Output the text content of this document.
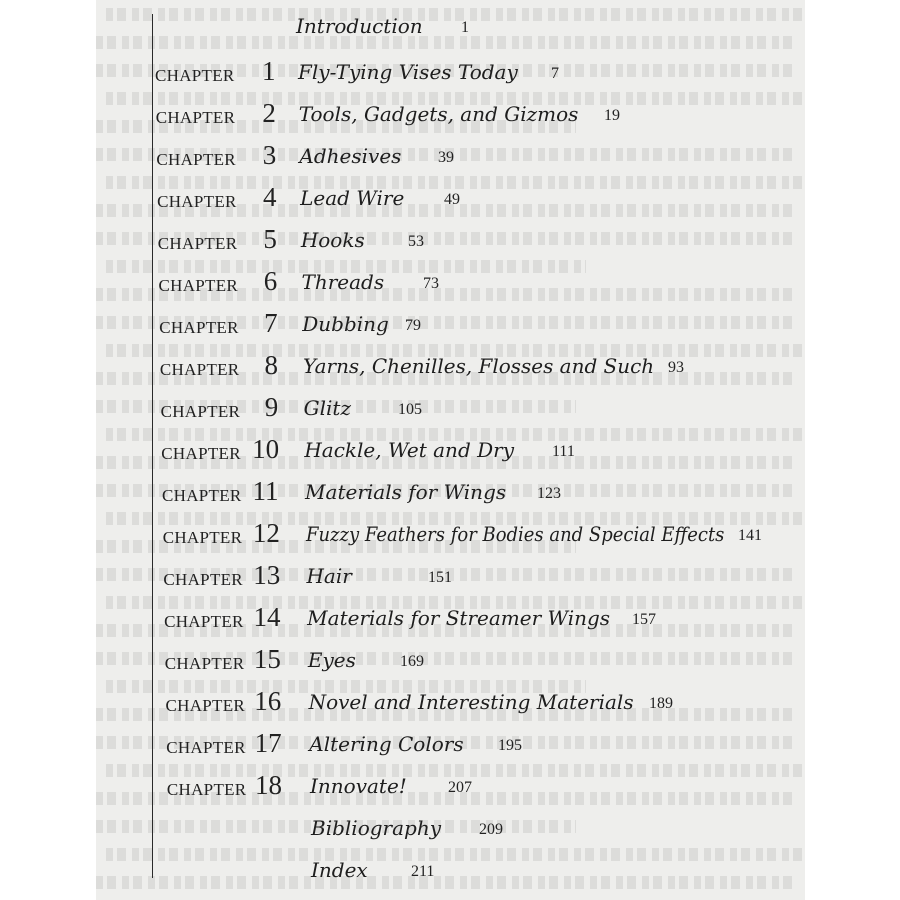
Introduction 1
CHAPTER 1 Fly-Tying Vises Today 7
CHAPTER 2 Tools, Gadgets, and Gizmos 19
CHAPTER 3 Adhesives 39
CHAPTER 4 Lead Wire 49
CHAPTER 5 Hooks	53
CHAPTER 6 Threads 73
CHAPTER 7 Dubbing 79
CHAPTER 8 Yarns, Chenilles, Flosses and Such 93
CHAPTER 9 Glitz	105
CHAPTER 10 Hackle, Wet and Dry 111
CHAPTER 11 Materials for Wings 123
CHAPTER 12 Fuzzy Feathers for Bodies and Special Effects 141
CHAPTER 13 Hair	151
CHAPTER 14 Materials for Streamer Wings 157
CHAPTER 15 Eyes	169
CHAPTER 16 Novel and Interesting Materials 189
CHAPTER 17 Altering Colors 195
CHAPTER 18 Innovate!	207
Bibliography 209
Index	211
